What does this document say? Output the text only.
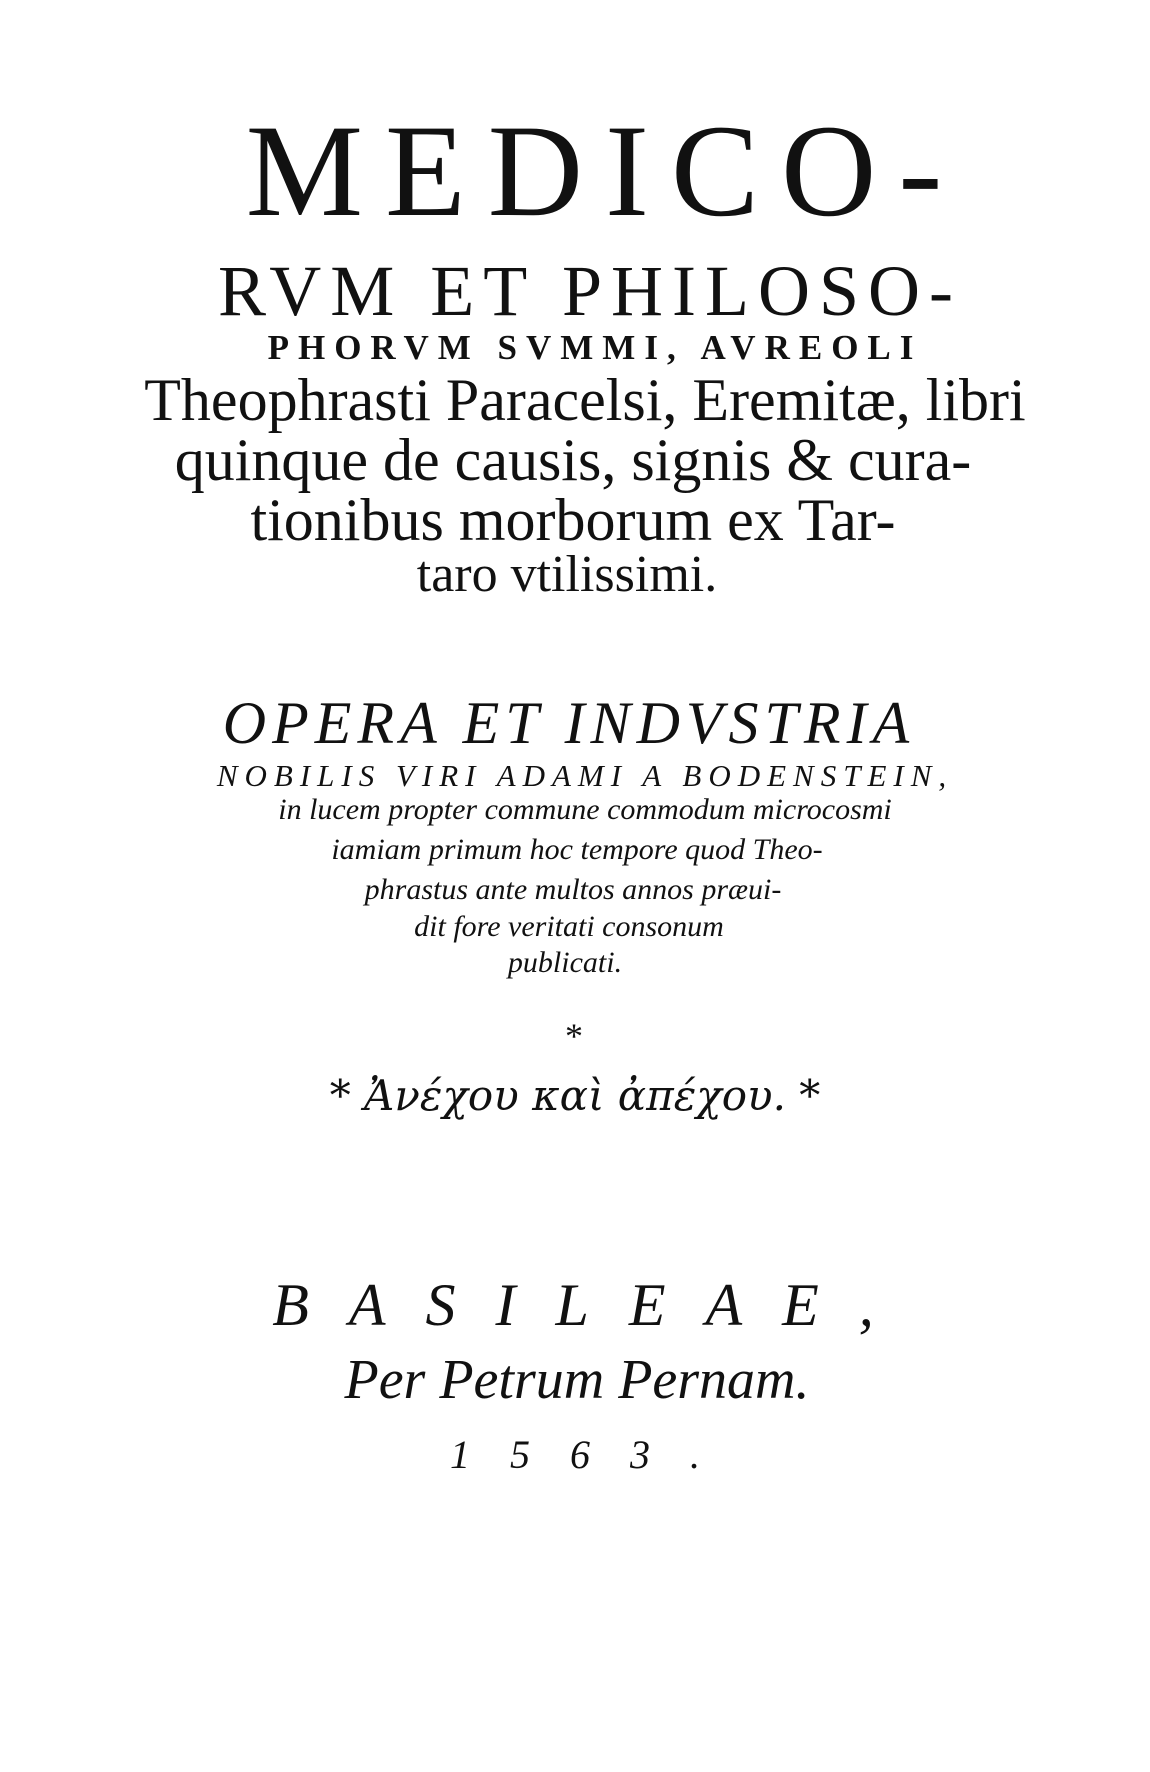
MEDICO-
RVM ET PHILOSO-
PHORVM SVMMI, AVREOLI
Theophrasti Paracelsi, Eremitæ, libri
quinque de causis, signis & cura-
tionibus morborum ex Tar-
taro vtilissimi.
OPERA ET INDVSTRIA
NOBILIS VIRI ADAMI A BODENSTEIN,
in lucem propter commune commodum microcosmi
iamiam primum hoc tempore quod Theo-
phrastus ante multos annos præui-
dit fore veritati consonum
publicati.
*
* Ἀνέχου καὶ ἀπέχου. *
BASILEAE,
Per Petrum Pernam.
1563.
